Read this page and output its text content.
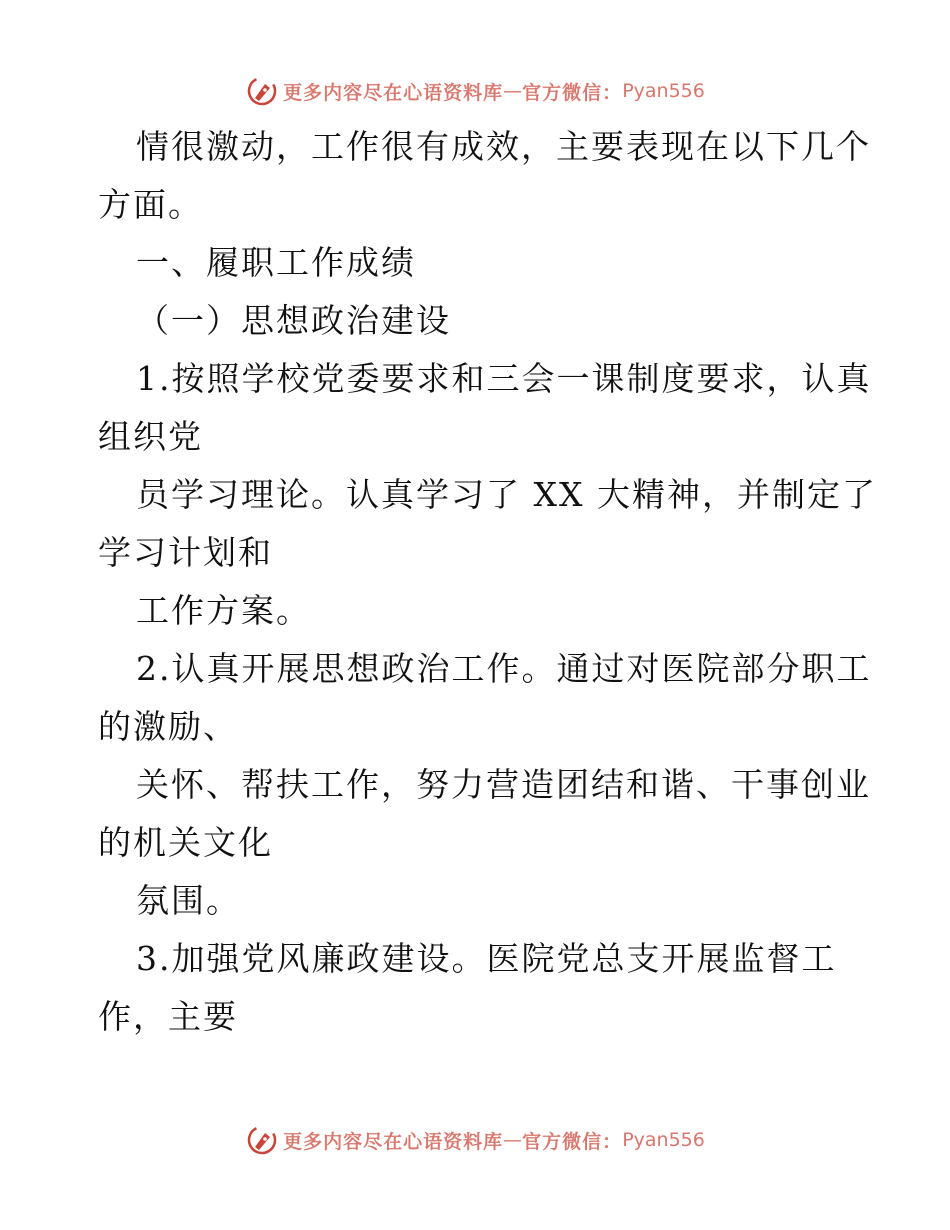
更多内容尽在心语资料库 — 官方微信： Pyan556
情很激动，工作很有成效，主要表现在以下几个
方面。
一、履职工作成绩
（一）思想政治建设
1.按照学校党委要求和三会一课制度要求，认真
组织党
员学习理论。认真学习了 XX 大精神，并制定了
学习计划和
工作方案。
2.认真开展思想政治工作。通过对医院部分职工
的激励、
关怀、帮扶工作，努力营造团结和谐、干事创业
的机关文化
氛围。
3.加强党风廉政建设。医院党总支开展监督工
作，主要
更多内容尽在心语资料库 — 官方微信： Pyan556
